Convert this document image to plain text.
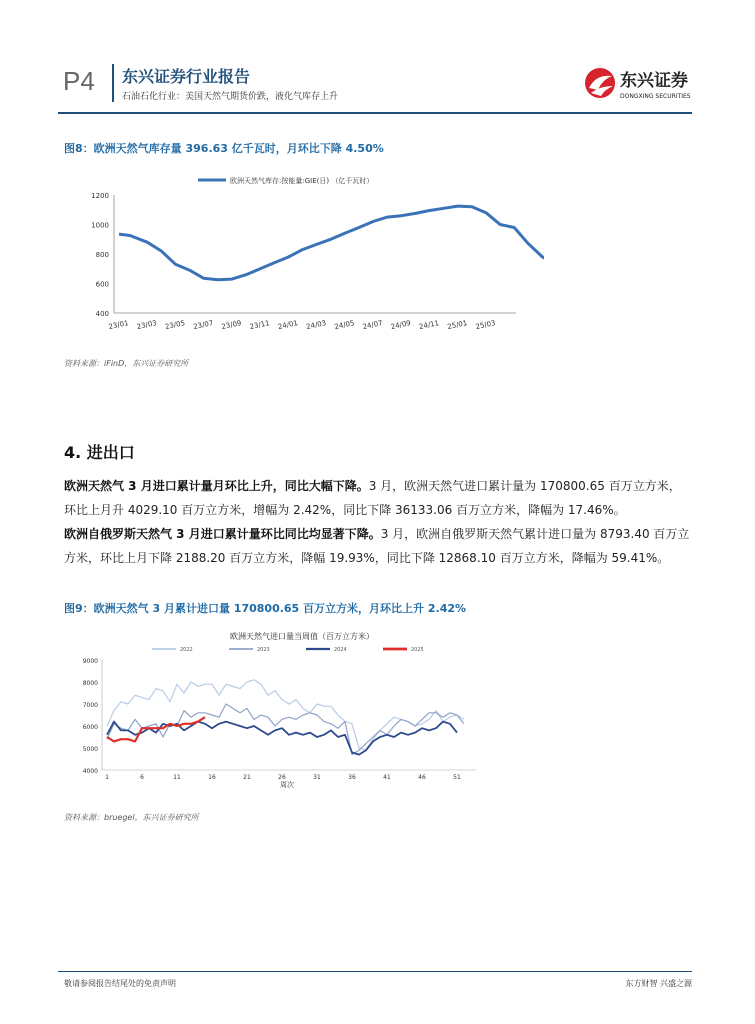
P4 东兴证券行业报告
石油石化行业：美国天然气期货价跌，液化气库存上升
东兴证券
DONGXING SECURITIES
图8：欧洲天然气库存量 396.63 亿千瓦时，月环比下降 4.50%
欧洲天然气库存:按能量:GIE(日) （亿千瓦时）
400
600
800
1000
1200
23/01 23/03 23/05 23/07 23/09 23/11 24/01 24/03 24/05 24/07 24/09 24/11 25/01 25/03
资料来源：iFinD，东兴证券研究所
4. 进出口
欧洲天然气 3 月进口累计量月环比上升，同比大幅下降。3 月，欧洲天然气进口累计量为 170800.65 百万立方米，环比上月升 4029.10 百万立方米，增幅为 2.42%，同比下降 36133.06 百万立方米，降幅为 17.46%。
欧洲自俄罗斯天然气 3 月进口累计量环比同比均显著下降。3 月，欧洲自俄罗斯天然气累计进口量为 8793.40 百万立方米，环比上月下降 2188.20 百万立方米，降幅 19.93%，同比下降 12868.10 百万立方米，降幅为 59.41%。
图9：欧洲天然气 3 月累计进口量 170800.65 百万立方米，月环比上升 2.42%
欧洲天然气进口量当周值（百万立方米）
2022	2023	2024	2025
4000
5000
6000
7000
8000
9000
1	6	11	16	21	26	31	36	41	46	51
周次
资料来源：bruegel，东兴证券研究所
敬请参阅报告结尾处的免责声明	东方财智 兴盛之源
